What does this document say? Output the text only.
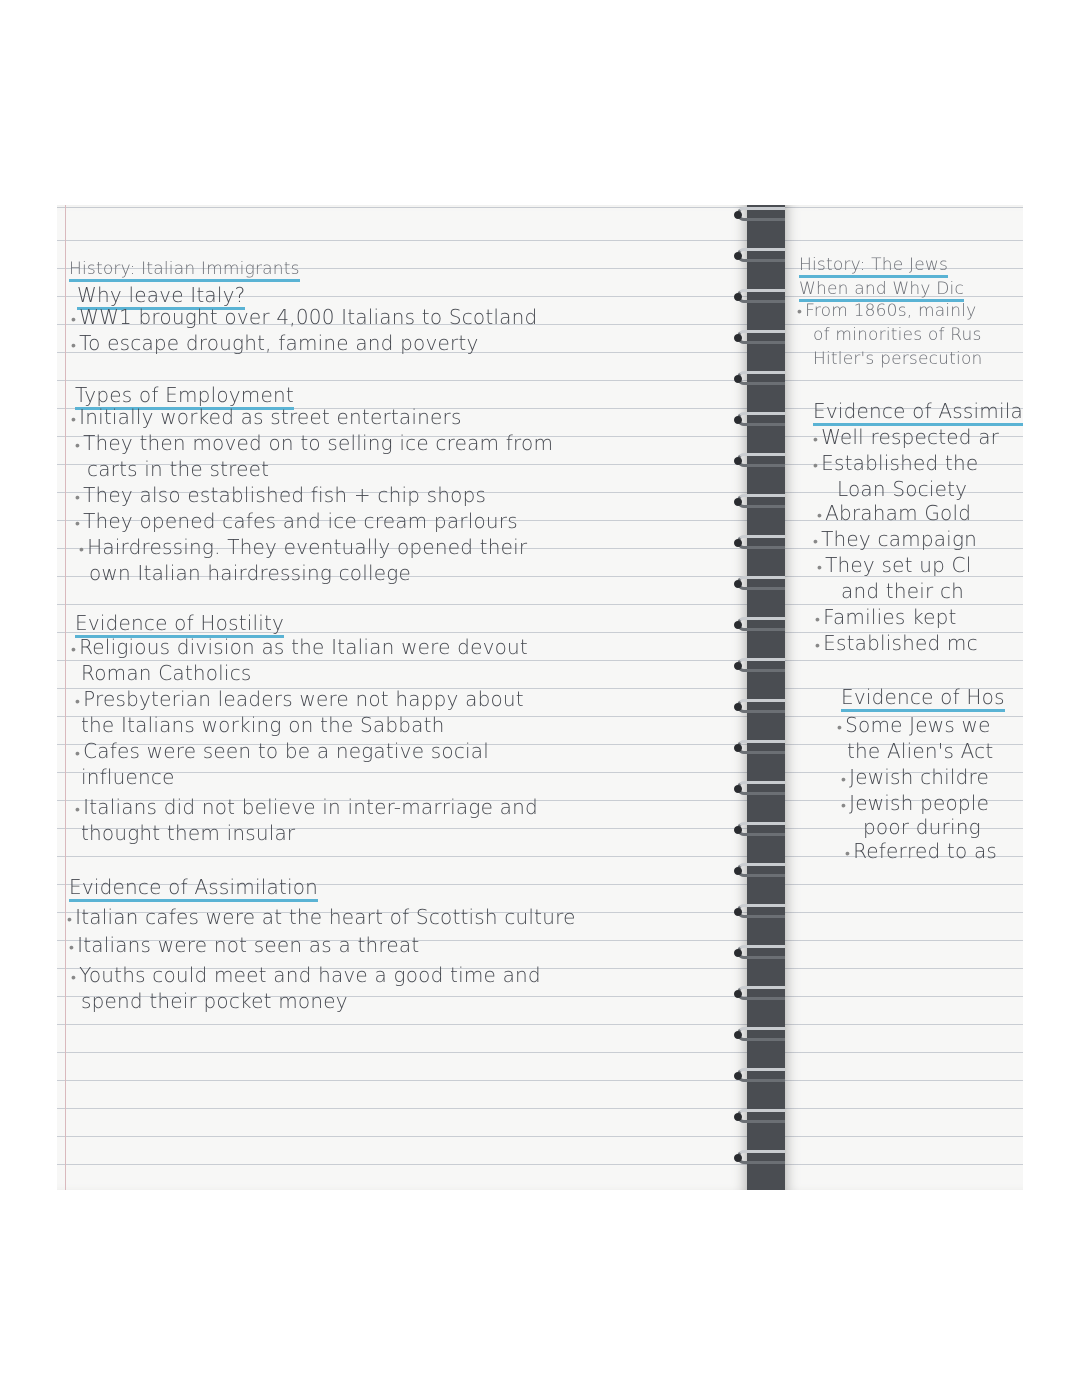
History: Italian Immigrants
Why leave Italy?
• WW1 brought over 4,000 Italians to Scotland
• To escape drought, famine and poverty
Types of Employment
• Initially worked as street entertainers
• They then moved on to selling ice cream from
carts in the street
• They also established fish + chip shops
• They opened cafes and ice cream parlours
• Hairdressing. They eventually opened their
own Italian hairdressing college
Evidence of Hostility
• Religious division as the Italian were devout
Roman Catholics
• Presbyterian leaders were not happy about
the Italians working on the Sabbath
• Cafes were seen to be a negative social
influence
• Italians did not believe in inter-marriage and
thought them insular
Evidence of Assimilation
• Italian cafes were at the heart of Scottish culture
• Italians were not seen as a threat
• Youths could meet and have a good time and
spend their pocket money
History: The Jews
When and Why Dic
• From 1860s, mainly
of minorities of Rus
Hitler's persecution
Evidence of Assimila
• Well respected ar
• Established the
Loan Society
• Abraham Gold
• They campaign
• They set up Cl
and their ch
• Families kept
• Established mc
Evidence of Hos
• Some Jews we
the Alien's Act
• Jewish childre
• Jewish people
poor during
• Referred to as
